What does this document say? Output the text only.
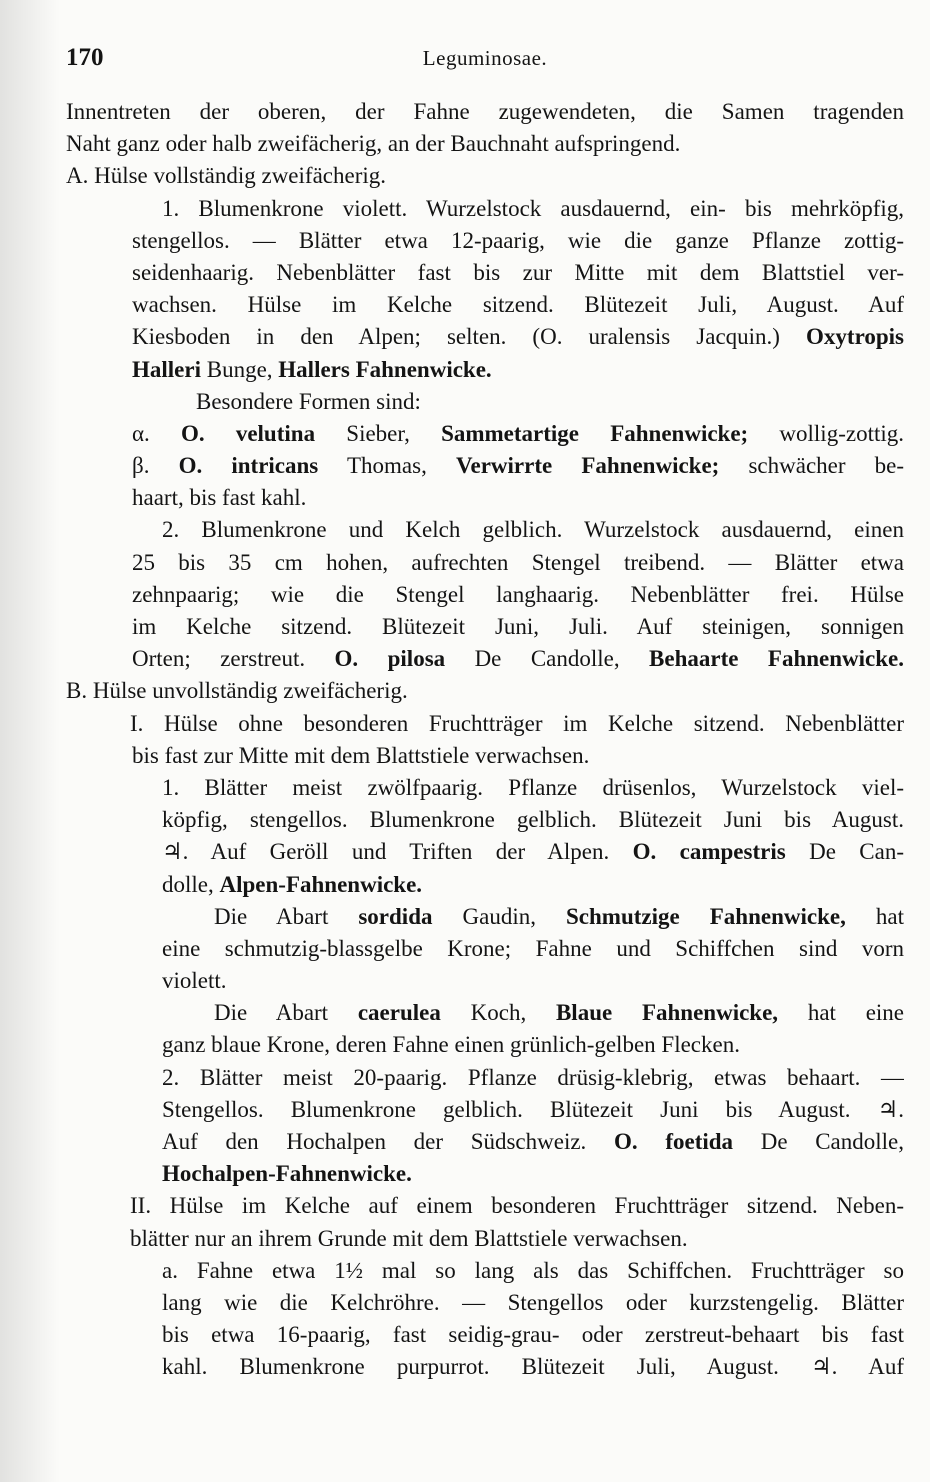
170	Leguminosae.
Innentreten der oberen, der Fahne zugewendeten, die Samen tragenden
Naht ganz oder halb zweifächerig, an der Bauchnaht aufspringend.
A. Hülse vollständig zweifächerig.
1. Blumenkrone violett. Wurzelstock ausdauernd, ein- bis mehrköpfig,
stengellos. — Blätter etwa 12-paarig, wie die ganze Pflanze zottig-
seidenhaarig. Nebenblätter fast bis zur Mitte mit dem Blattstiel ver-
wachsen. Hülse im Kelche sitzend. Blütezeit Juli, August. Auf
Kiesboden in den Alpen; selten. (O. uralensis Jacquin.) Oxytropis
Halleri Bunge, Hallers Fahnenwicke.
Besondere Formen sind:
α. O. velutina Sieber, Sammetartige Fahnenwicke; wollig-zottig.
β. O. intricans Thomas, Verwirrte Fahnenwicke; schwächer be-
haart, bis fast kahl.
2. Blumenkrone und Kelch gelblich. Wurzelstock ausdauernd, einen
25 bis 35 cm hohen, aufrechten Stengel treibend. — Blätter etwa
zehnpaarig; wie die Stengel langhaarig. Nebenblätter frei. Hülse
im Kelche sitzend. Blütezeit Juni, Juli. Auf steinigen, sonnigen
Orten; zerstreut. O. pilosa De Candolle, Behaarte Fahnenwicke.
B. Hülse unvollständig zweifächerig.
I. Hülse ohne besonderen Fruchtträger im Kelche sitzend. Nebenblätter
bis fast zur Mitte mit dem Blattstiele verwachsen.
1. Blätter meist zwölfpaarig. Pflanze drüsenlos, Wurzelstock viel-
köpfig, stengellos. Blumenkrone gelblich. Blütezeit Juni bis August.
♃. Auf Geröll und Triften der Alpen. O. campestris De Can-
dolle, Alpen-Fahnenwicke.
Die Abart sordida Gaudin, Schmutzige Fahnenwicke, hat
eine schmutzig-blassgelbe Krone; Fahne und Schiffchen sind vorn
violett.
Die Abart caerulea Koch, Blaue Fahnenwicke, hat eine
ganz blaue Krone, deren Fahne einen grünlich-gelben Flecken.
2. Blätter meist 20-paarig. Pflanze drüsig-klebrig, etwas behaart. —
Stengellos. Blumenkrone gelblich. Blütezeit Juni bis August. ♃.
Auf den Hochalpen der Südschweiz. O. foetida De Candolle,
Hochalpen-Fahnenwicke.
II. Hülse im Kelche auf einem besonderen Fruchtträger sitzend. Neben-
blätter nur an ihrem Grunde mit dem Blattstiele verwachsen.
a. Fahne etwa 1½ mal so lang als das Schiffchen. Fruchtträger so
lang wie die Kelchröhre. — Stengellos oder kurzstengelig. Blätter
bis etwa 16-paarig, fast seidig-grau- oder zerstreut-behaart bis fast
kahl. Blumenkrone purpurrot. Blütezeit Juli, August. ♃. Auf
